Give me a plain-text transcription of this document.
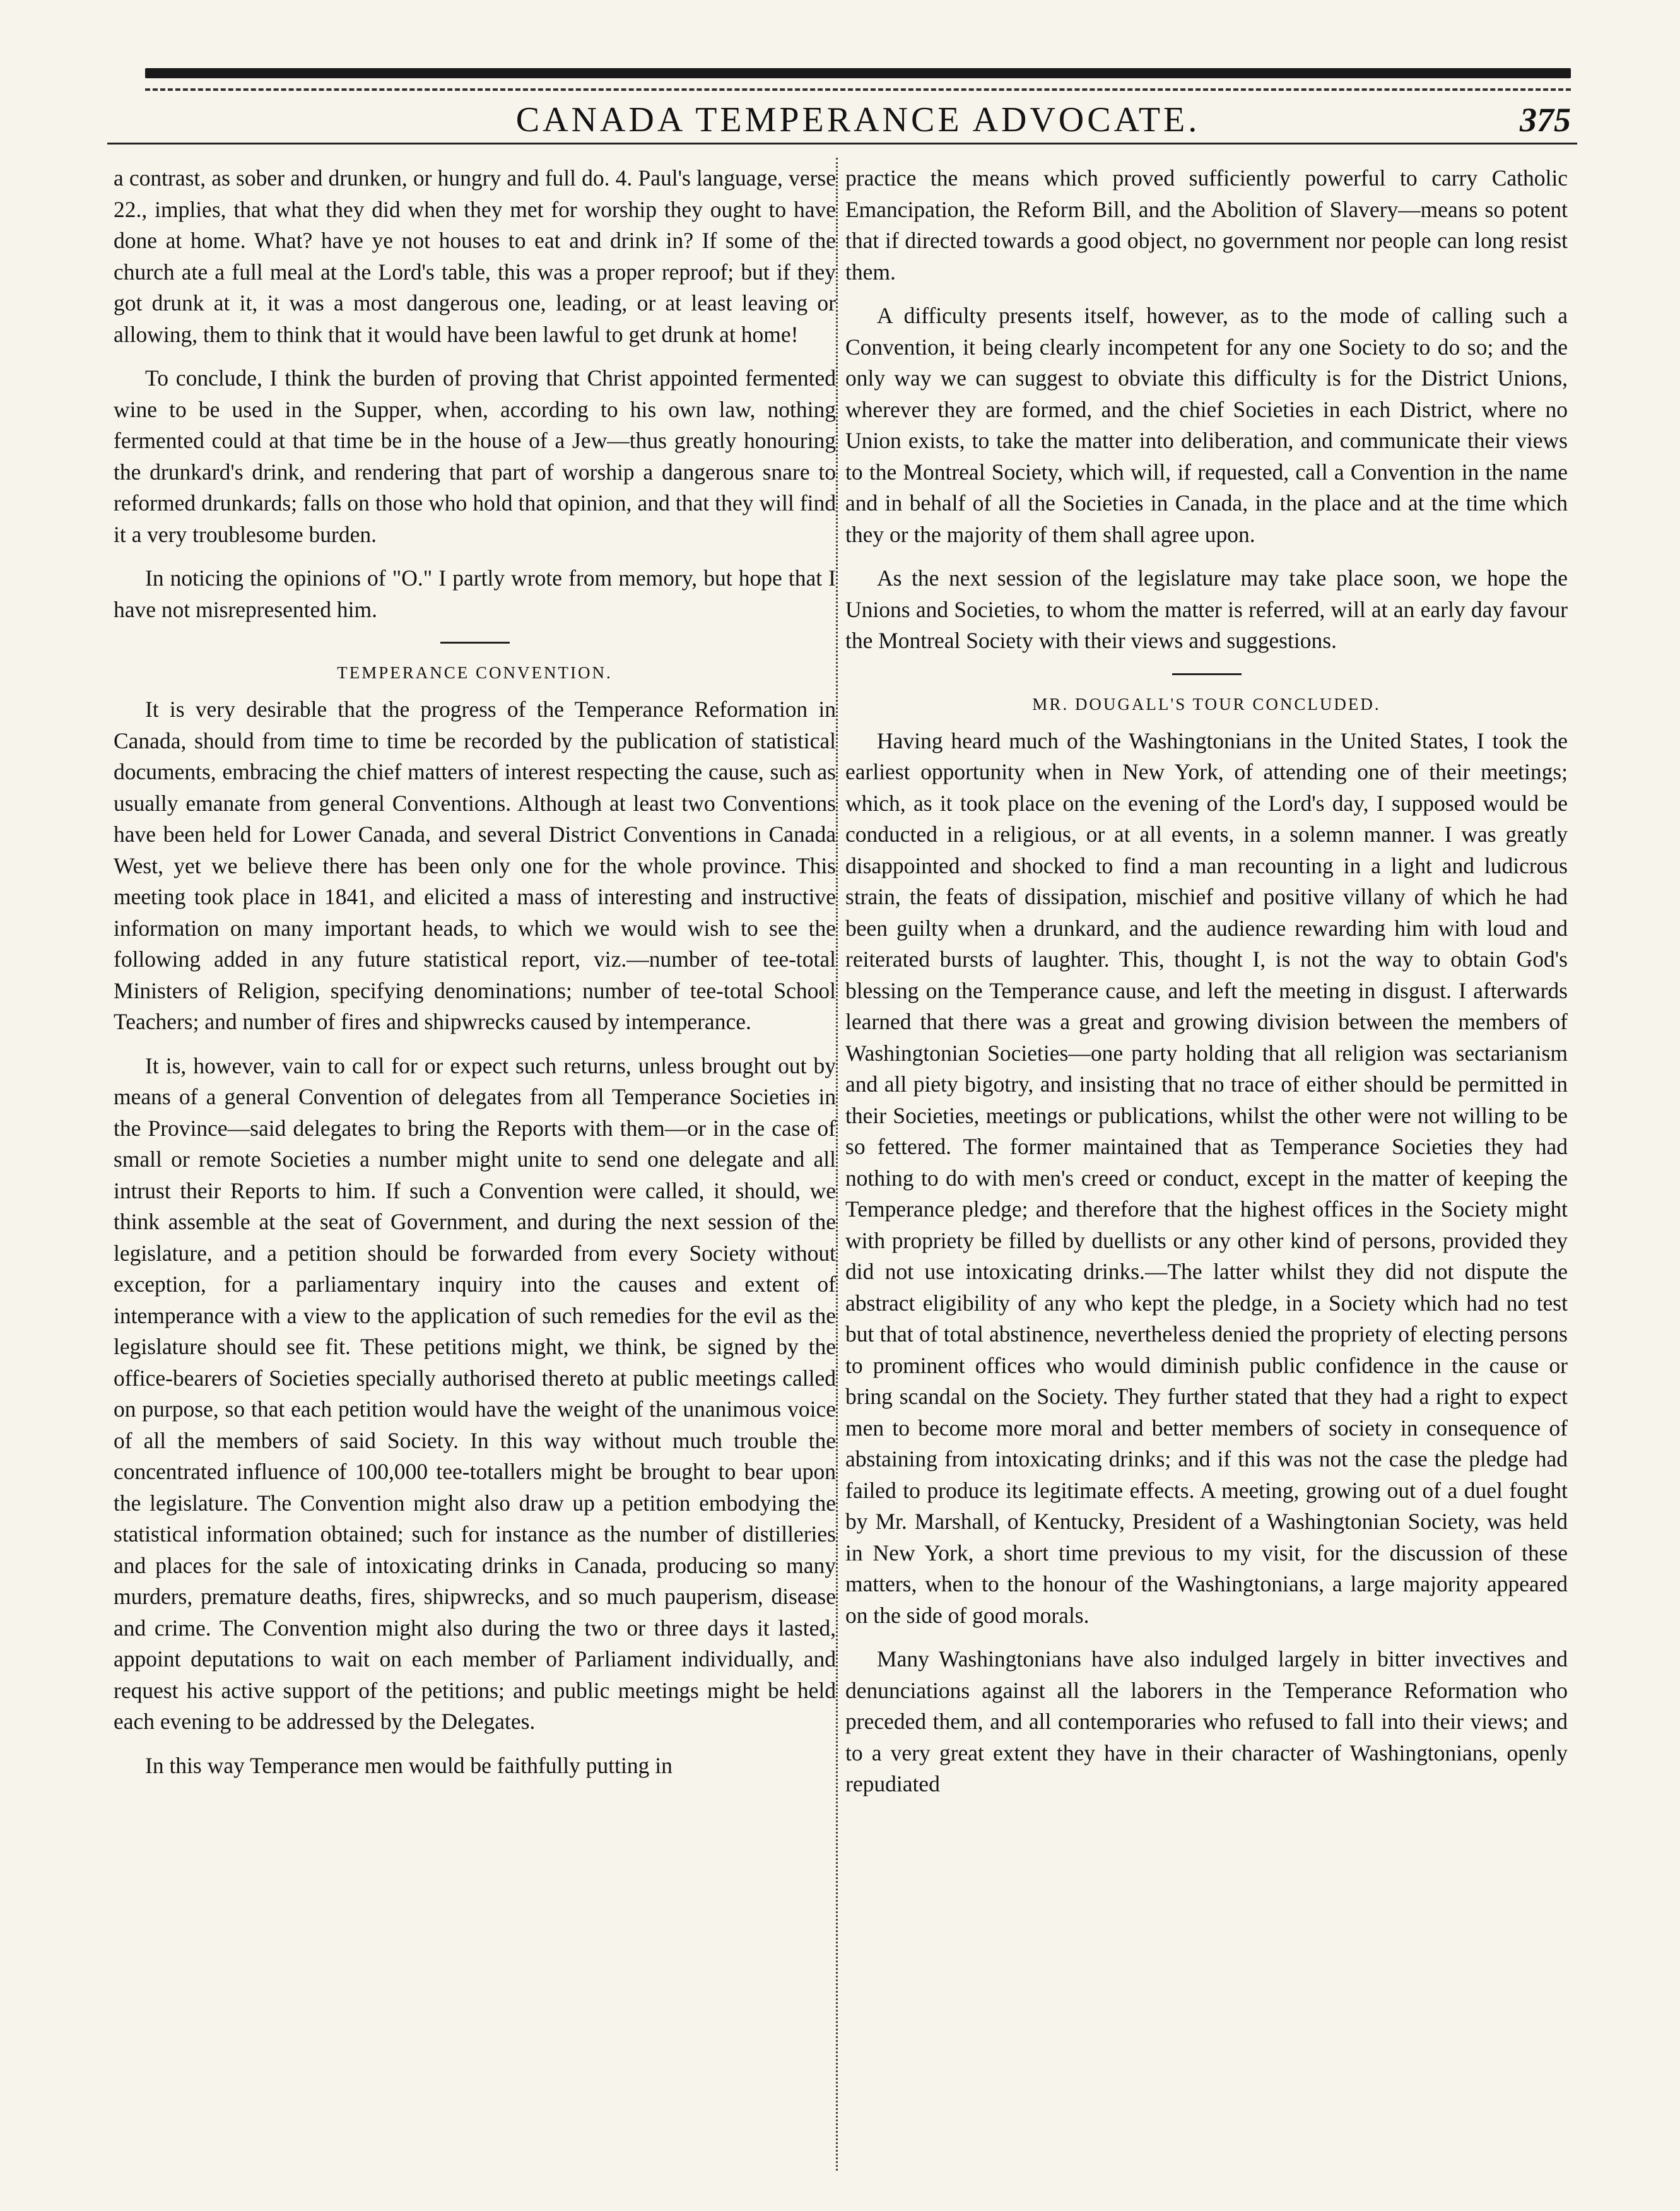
CANADA TEMPERANCE ADVOCATE.	375

a contrast, as sober and drunken, or hungry and full do. 4. Paul's language, verse 22., implies, that what they did when they met for worship they ought to have done at home. What? have ye not houses to eat and drink in? If some of the church ate a full meal at the Lord's table, this was a proper reproof; but if they got drunk at it, it was a most dangerous one, leading, or at least leaving or allowing, them to think that it would have been lawful to get drunk at home!

To conclude, I think the burden of proving that Christ appointed fermented wine to be used in the Supper, when, according to his own law, nothing fermented could at that time be in the house of a Jew—thus greatly honouring the drunkard's drink, and rendering that part of worship a dangerous snare to reformed drunkards; falls on those who hold that opinion, and that they will find it a very troublesome burden.

In noticing the opinions of "O." I partly wrote from memory, but hope that I have not misrepresented him.

TEMPERANCE CONVENTION.

It is very desirable that the progress of the Temperance Reformation in Canada, should from time to time be recorded by the publication of statistical documents, embracing the chief matters of interest respecting the cause, such as usually emanate from general Conventions. Although at least two Conventions have been held for Lower Canada, and several District Conventions in Canada West, yet we believe there has been only one for the whole province. This meeting took place in 1841, and elicited a mass of interesting and instructive information on many important heads, to which we would wish to see the following added in any future statistical report, viz.—number of tee-total Ministers of Religion, specifying denominations; number of tee-total School Teachers; and number of fires and shipwrecks caused by intemperance.

It is, however, vain to call for or expect such returns, unless brought out by means of a general Convention of delegates from all Temperance Societies in the Province—said delegates to bring the Reports with them—or in the case of small or remote Societies a number might unite to send one delegate and all intrust their Reports to him. If such a Convention were called, it should, we think assemble at the seat of Government, and during the next session of the legislature, and a petition should be forwarded from every Society without exception, for a parliamentary inquiry into the causes and extent of intemperance with a view to the application of such remedies for the evil as the legislature should see fit. These petitions might, we think, be signed by the office-bearers of Societies specially authorised thereto at public meetings called on purpose, so that each petition would have the weight of the unanimous voice of all the members of said Society. In this way without much trouble the concentrated influence of 100,000 tee-totallers might be brought to bear upon the legislature. The Convention might also draw up a petition embodying the statistical information obtained; such for instance as the number of distilleries and places for the sale of intoxicating drinks in Canada, producing so many murders, premature deaths, fires, shipwrecks, and so much pauperism, disease and crime. The Convention might also during the two or three days it lasted, appoint deputations to wait on each member of Parliament individually, and request his active support of the petitions; and public meetings might be held each evening to be addressed by the Delegates.

In this way Temperance men would be faithfully putting in

practice the means which proved sufficiently powerful to carry Catholic Emancipation, the Reform Bill, and the Abolition of Slavery—means so potent that if directed towards a good object, no government nor people can long resist them.

A difficulty presents itself, however, as to the mode of calling such a Convention, it being clearly incompetent for any one Society to do so; and the only way we can suggest to obviate this difficulty is for the District Unions, wherever they are formed, and the chief Societies in each District, where no Union exists, to take the matter into deliberation, and communicate their views to the Montreal Society, which will, if requested, call a Convention in the name and in behalf of all the Societies in Canada, in the place and at the time which they or the majority of them shall agree upon.

As the next session of the legislature may take place soon, we hope the Unions and Societies, to whom the matter is referred, will at an early day favour the Montreal Society with their views and suggestions.

MR. DOUGALL'S TOUR CONCLUDED.

Having heard much of the Washingtonians in the United States, I took the earliest opportunity when in New York, of attending one of their meetings; which, as it took place on the evening of the Lord's day, I supposed would be conducted in a religious, or at all events, in a solemn manner. I was greatly disappointed and shocked to find a man recounting in a light and ludicrous strain, the feats of dissipation, mischief and positive villany of which he had been guilty when a drunkard, and the audience rewarding him with loud and reiterated bursts of laughter. This, thought I, is not the way to obtain God's blessing on the Temperance cause, and left the meeting in disgust. I afterwards learned that there was a great and growing division between the members of Washingtonian Societies—one party holding that all religion was sectarianism and all piety bigotry, and insisting that no trace of either should be permitted in their Societies, meetings or publications, whilst the other were not willing to be so fettered. The former maintained that as Temperance Societies they had nothing to do with men's creed or conduct, except in the matter of keeping the Temperance pledge; and therefore that the highest offices in the Society might with propriety be filled by duellists or any other kind of persons, provided they did not use intoxicating drinks.—The latter whilst they did not dispute the abstract eligibility of any who kept the pledge, in a Society which had no test but that of total abstinence, nevertheless denied the propriety of electing persons to prominent offices who would diminish public confidence in the cause or bring scandal on the Society. They further stated that they had a right to expect men to become more moral and better members of society in consequence of abstaining from intoxicating drinks; and if this was not the case the pledge had failed to produce its legitimate effects. A meeting, growing out of a duel fought by Mr. Marshall, of Kentucky, President of a Washingtonian Society, was held in New York, a short time previous to my visit, for the discussion of these matters, when to the honour of the Washingtonians, a large majority appeared on the side of good morals.

Many Washingtonians have also indulged largely in bitter invectives and denunciations against all the laborers in the Temperance Reformation who preceded them, and all contemporaries who refused to fall into their views; and to a very great extent they have in their character of Washingtonians, openly repudiated
